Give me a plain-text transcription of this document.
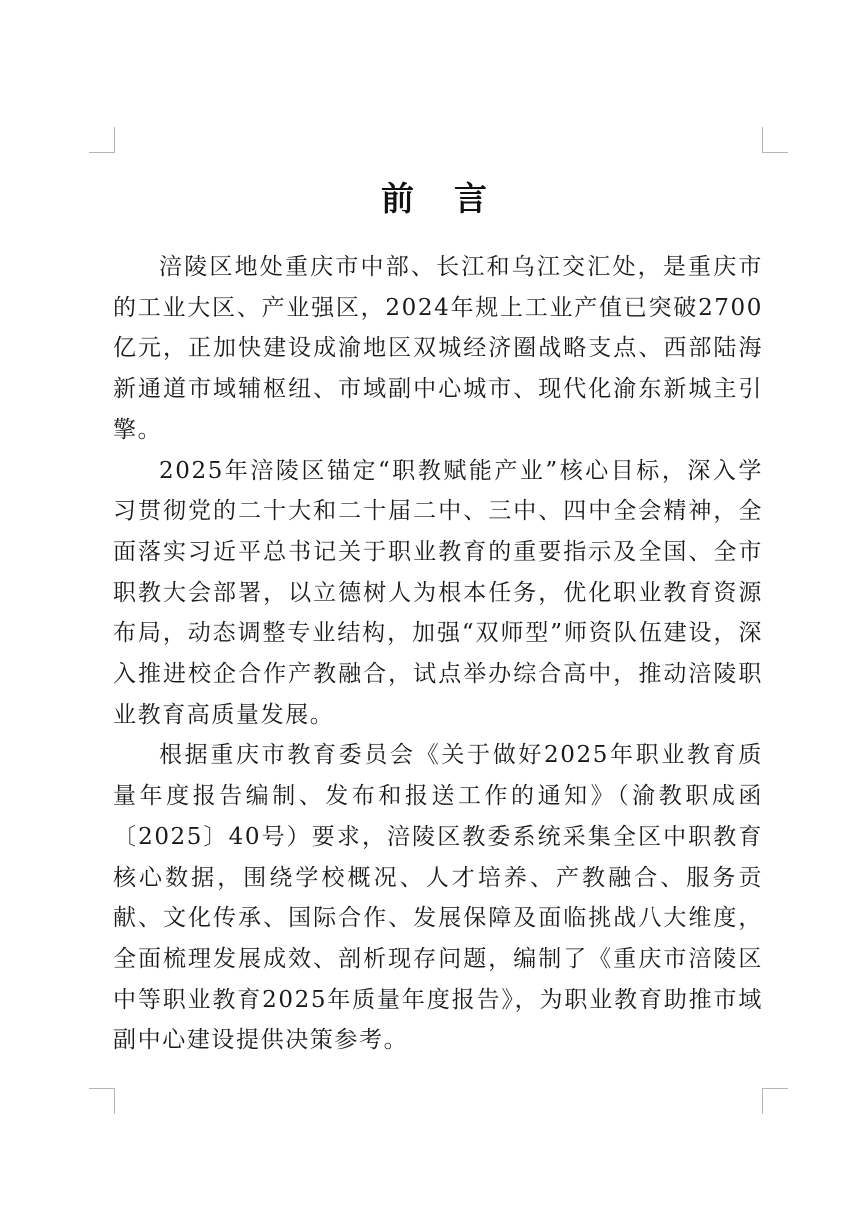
前言

涪陵区地处重庆市中部、长江和乌江交汇处，是重庆市的工业大区、产业强区，2024年规上工业产值已突破2700亿元，正加快建设成渝地区双城经济圈战略支点、西部陆海新通道市域辅枢纽、市域副中心城市、现代化渝东新城主引擎。

2025年涪陵区锚定“职教赋能产业”核心目标，深入学习贯彻党的二十大和二十届二中、三中、四中全会精神，全面落实习近平总书记关于职业教育的重要指示及全国、全市职教大会部署，以立德树人为根本任务，优化职业教育资源布局，动态调整专业结构，加强“双师型”师资队伍建设，深入推进校企合作产教融合，试点举办综合高中，推动涪陵职业教育高质量发展。

根据重庆市教育委员会《关于做好2025年职业教育质量年度报告编制、发布和报送工作的通知》（渝教职成函〔2025〕40号）要求，涪陵区教委系统采集全区中职教育核心数据，围绕学校概况、人才培养、产教融合、服务贡献、文化传承、国际合作、发展保障及面临挑战八大维度，全面梳理发展成效、剖析现存问题，编制了《重庆市涪陵区中等职业教育2025年质量年度报告》，为职业教育助推市域副中心建设提供决策参考。
